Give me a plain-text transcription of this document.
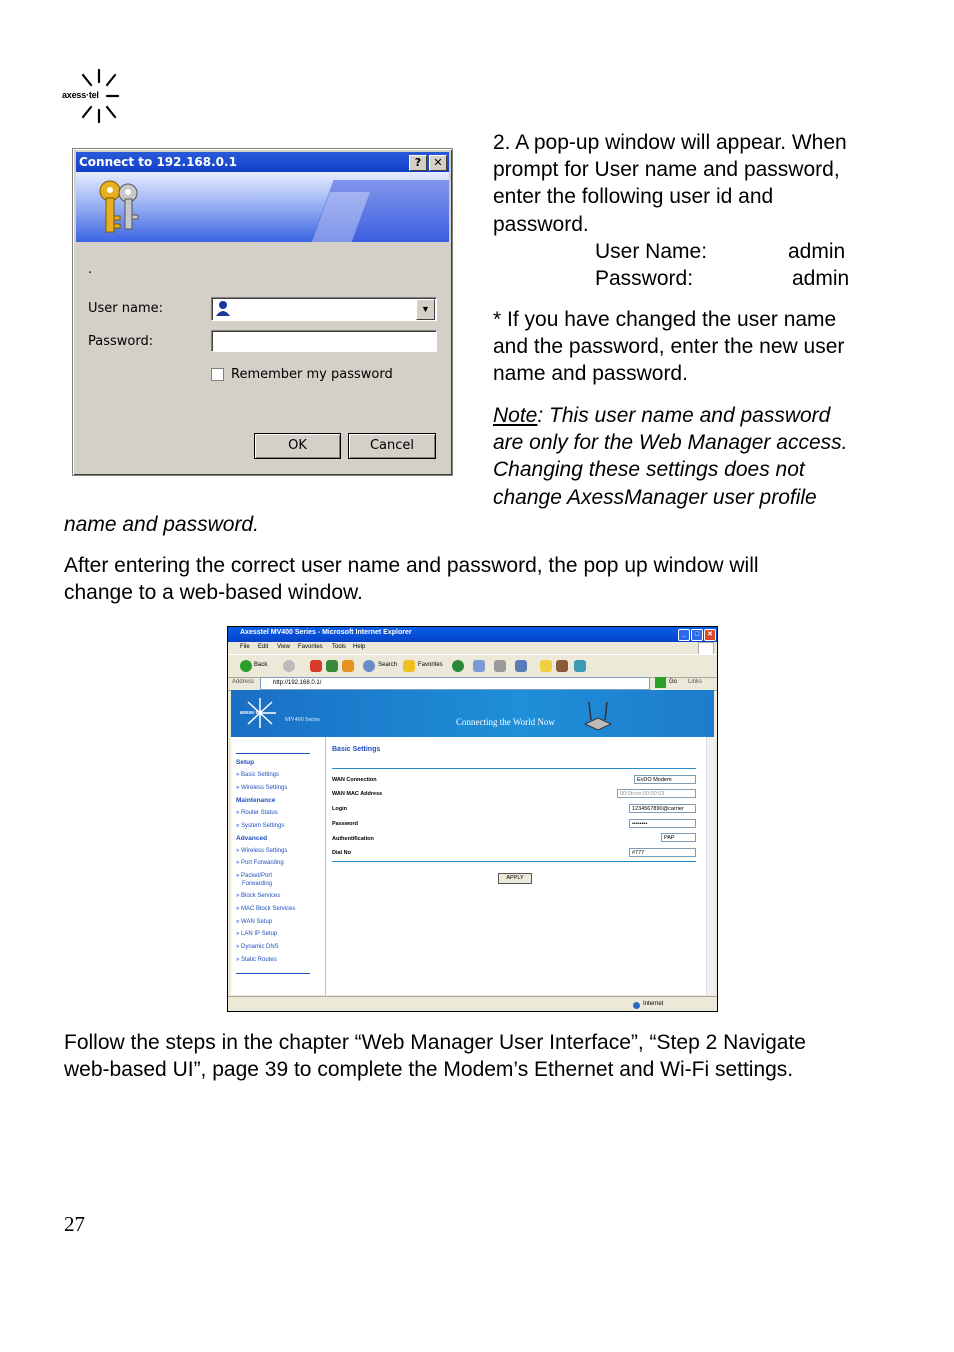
axess·tel
Connect to 192.168.0.1	?	✕
.
User name:	▼
Password:
Remember my password
OK	Cancel
2. A pop-up window will appear. When
prompt for User name and password,
enter the following user id and
password.
User Name:	admin
Password:	admin
* If you have changed the user name
and the password, enter the new user
name and password.
Note: This user name and password
are only for the Web Manager access.
Changing these settings does not
change AxessManager user profile
name and password.
After entering the correct user name and password, the pop up window will
change to a web-based window.
Axesstel MV400 Series - Microsoft Internet Explorer	_	□	✕
File Edit View Favorites Tools Help
Back	Search	Favorites
Address	http://192.168.0.1/	Go Links
axess·tel
MV400 Series	Connecting the World Now
Setup
» Basic Settings
» Wireless Settings
Maintenance
» Router Status
» System Settings
Advanced
» Wireless Settings
» Port Forwarding
» Packet/Port
Forwarding
» Block Services
» MAC Block Services
» WAN Setup
» LAN IP Setup
» Dynamic DNS
» Static Routes
Basic Settings
WAN Connection	EvDO Modem
WAN MAC Address	00:0b:ee:00:00:03
Login	1234567890@carrier
Password	••••••••
Authentification	PAP
Dial No	#777
APPLY
Internet
Follow the steps in the chapter “Web Manager User Interface”, “Step 2 Navigate
web-based UI”, page 39 to complete the Modem’s Ethernet and Wi-Fi settings.
27
